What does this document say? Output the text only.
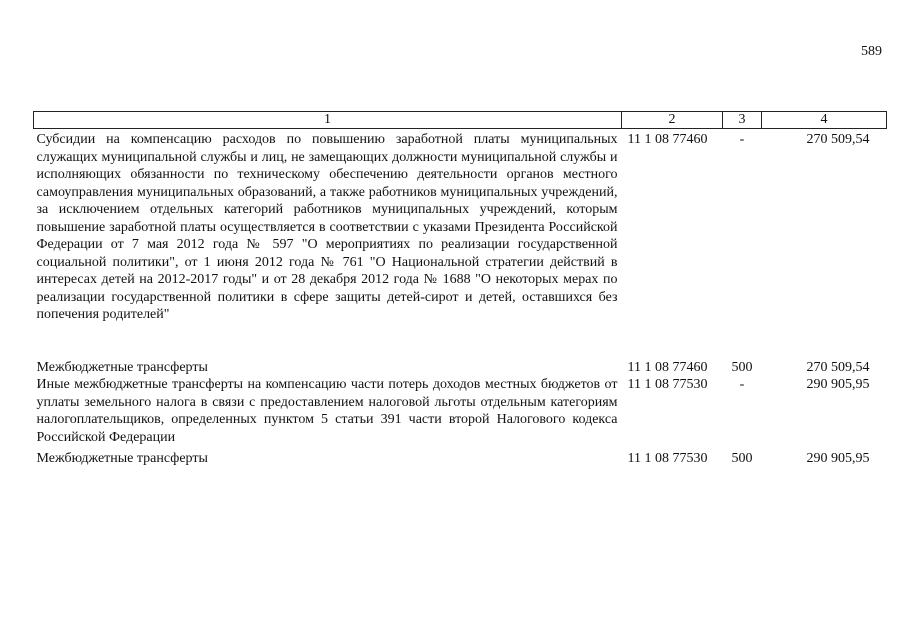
589
1	2	3	4
Субсидии на компенсацию расходов по повышению заработной платы муниципальных служащих муниципальной службы и лиц, не замещающих должности муниципальной службы и исполняющих обязанности по техническому обеспечению деятельности органов местного самоуправления муниципальных образований, а также работников муниципальных учреждений, за исключением отдельных категорий работников муниципальных учреждений, которым повышение заработной платы осуществляется в соответствии с указами Президента Российской Федерации от 7 мая 2012 года № 597 "О мероприятиях по реализации государственной социальной политики", от 1 июня 2012 года № 761 "О Национальной стратегии действий в интересах детей на 2012-2017 годы" и от 28 декабря 2012 года № 1688 "О некоторых мерах по реализации государственной политики в сфере защиты детей-сирот и детей, оставшихся без попечения родителей"	11 1 08 77460	-	270 509,54

Межбюджетные трансферты	11 1 08 77460	500	270 509,54
Иные межбюджетные трансферты на компенсацию части потерь доходов местных бюджетов от уплаты земельного налога в связи с предоставлением налоговой льготы отдельным категориям налогоплательщиков, определенных пунктом 5 статьи 391 части второй Налогового кодекса Российской Федерации	11 1 08 77530	-	290 905,95

Межбюджетные трансферты	11 1 08 77530	500	290 905,95
